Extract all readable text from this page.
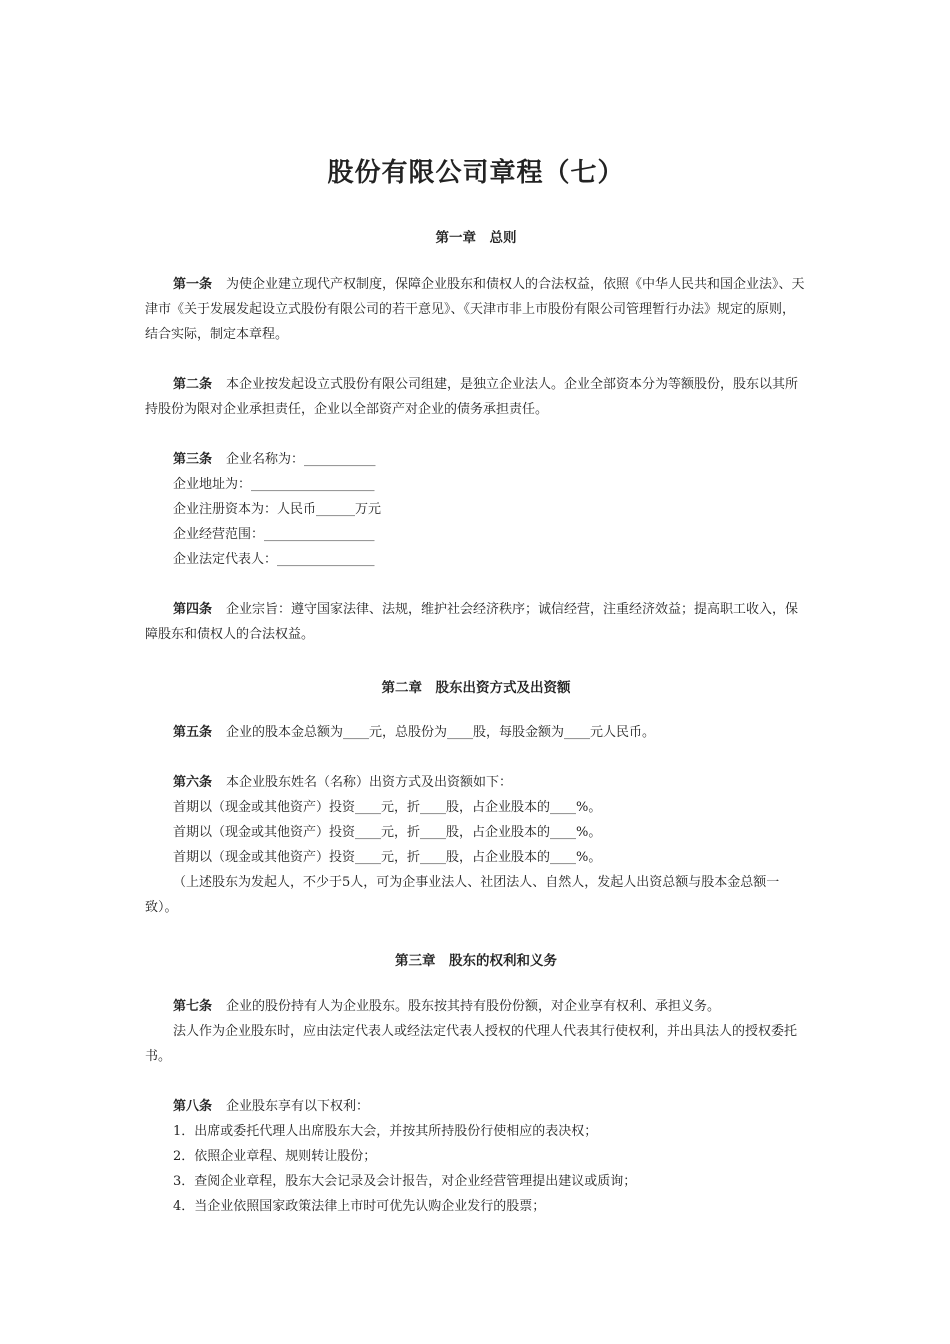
股份有限公司章程（七）
第一章　总则

第一条 为使企业建立现代产权制度，保障企业股东和债权人的合法权益，依照《中华人民共和国企业法》、天津市《关于发展发起设立式股份有限公司的若干意见》、《天津市非上市股份有限公司管理暂行办法》规定的原则，结合实际，制定本章程。

第二条 本企业按发起设立式股份有限公司组建，是独立企业法人。企业全部资本分为等额股份，股东以其所持股份为限对企业承担责任，企业以全部资产对企业的债务承担责任。

第三条 企业名称为：___________

企业地址为：___________________

企业注册资本为：人民币______万元

企业经营范围：_________________

企业法定代表人：_______________

第四条 企业宗旨：遵守国家法律、法规，维护社会经济秩序；诚信经营，注重经济效益；提高职工收入，保障股东和债权人的合法权益。

第二章　股东出资方式及出资额

第五条 企业的股本金总额为____元，总股份为____股，每股金额为____元人民币。

第六条 本企业股东姓名（名称）出资方式及出资额如下：

首期以（现金或其他资产）投资____元，折____股，占企业股本的____%。

首期以（现金或其他资产）投资____元，折____股，占企业股本的____%。

首期以（现金或其他资产）投资____元，折____股，占企业股本的____%。

（上述股东为发起人，不少于5人，可为企事业法人、社团法人、自然人，发起人出资总额与股本金总额一致）。

第三章　股东的权利和义务

第七条 企业的股份持有人为企业股东。股东按其持有股份份额，对企业享有权利、承担义务。

法人作为企业股东时，应由法定代表人或经法定代表人授权的代理人代表其行使权利，并出具法人的授权委托书。

第八条 企业股东享有以下权利：

1．出席或委托代理人出席股东大会，并按其所持股份行使相应的表决权；

2．依照企业章程、规则转让股份；

3．查阅企业章程，股东大会记录及会计报告，对企业经营管理提出建议或质询；

4．当企业依照国家政策法律上市时可优先认购企业发行的股票；
